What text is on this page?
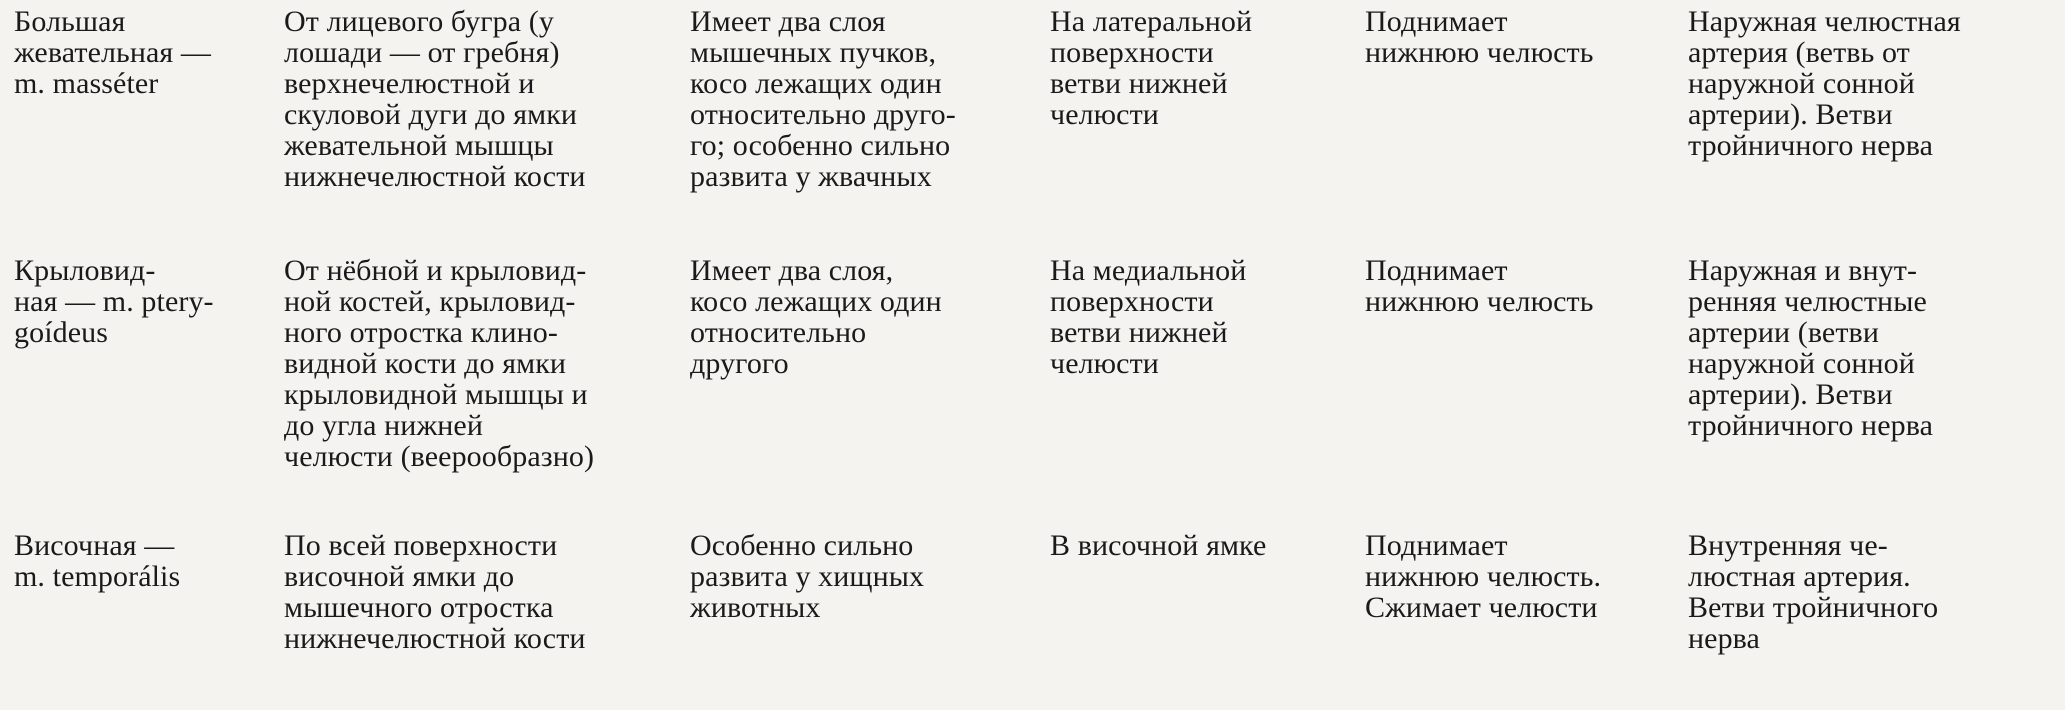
Большая
жевательная —
m. masséter
От лицевого бугра (у
лошади — от гребня)
верхнечелюстной и
скуловой дуги до ямки
жевательной мышцы
нижнечелюстной кости
Имеет два слоя
мышечных пучков,
косо лежащих один
относительно друго-
го; особенно сильно
развита у жвачных
На латеральной
поверхности
ветви нижней
челюсти
Поднимает
нижнюю челюсть
Наружная челюстная
артерия (ветвь от
наружной сонной
артерии). Ветви
тройничного нерва
Крыловид-
ная — m. ptery-
goídeus
От нёбной и крыловид-
ной костей, крыловид-
ного отростка клино-
видной кости до ямки
крыловидной мышцы и
до угла нижней
челюсти (веерообразно)
Имеет два слоя,
косо лежащих один
относительно
другого
На медиальной
поверхности
ветви нижней
челюсти
Поднимает
нижнюю челюсть
Наружная и внут-
ренняя челюстные
артерии (ветви
наружной сонной
артерии). Ветви
тройничного нерва
Височная —
m. temporális
По всей поверхности
височной ямки до
мышечного отростка
нижнечелюстной кости
Особенно сильно
развита у хищных
животных
В височной ямке	Поднимает
нижнюю челюсть.
Сжимает челюсти
Внутренняя че-
люстная артерия.
Ветви тройничного
нерва
